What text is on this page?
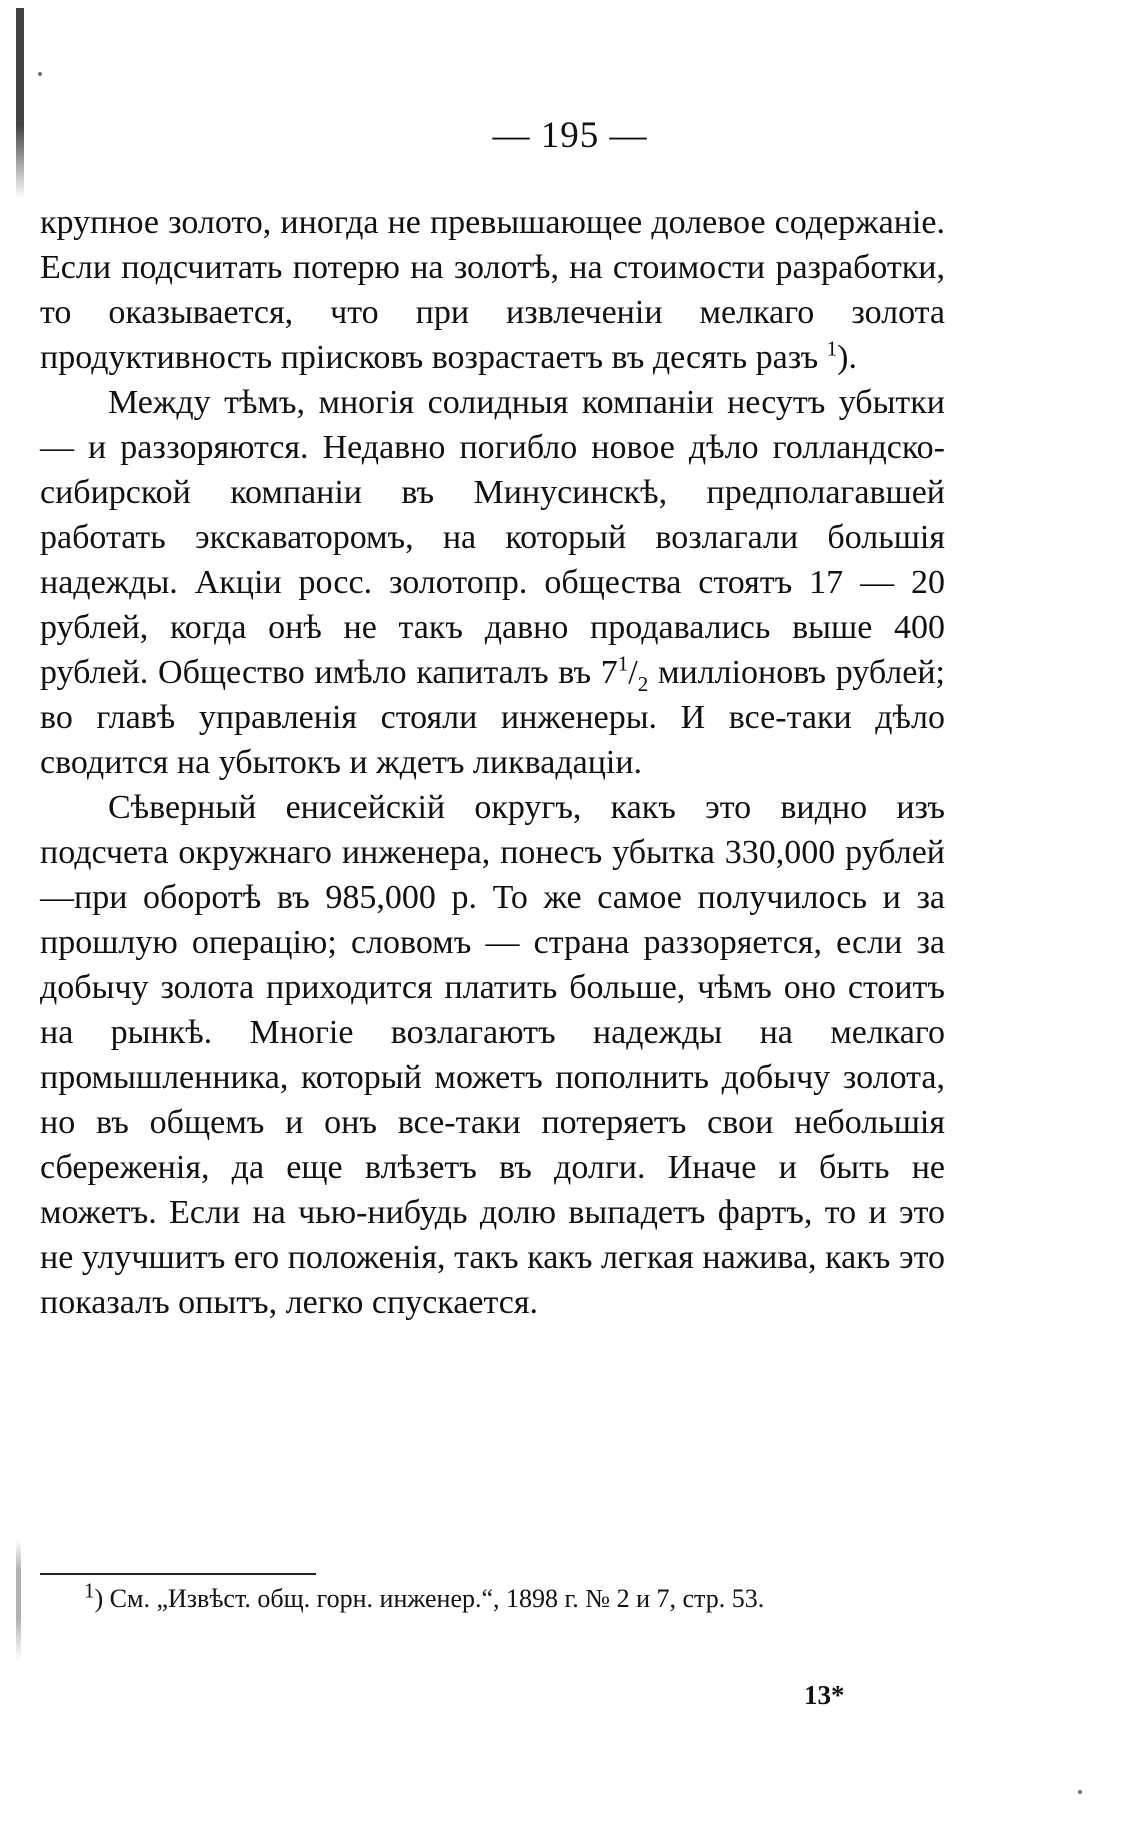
— 195 —

крупное золото, иногда не превышающее долевое содержаніе. Если подсчитать потерю на золотѣ, на стоимости разработки, то оказывается, что при извлеченіи мелкаго золота продуктивность пріисковъ возрастаетъ въ десять разъ $^1$).

Между тѣмъ, многія солидныя компаніи несутъ убытки — и раззоряются. Недавно погибло новое дѣло голландско-сибирской компаніи въ Минусинскѣ, предполагавшей работать экскаваторомъ, на который возлагали большія надежды. Акціи росс. золотопр. общества стоятъ 17 — 20 рублей, когда онѣ не такъ давно продавались выше 400 рублей. Общество имѣло капиталъ въ $7^1/_2$ милліоновъ рублей; во главѣ управленія стояли инженеры. И все-таки дѣло сводится на убытокъ и ждетъ ликвадаціи.

Сѣверный енисейскій округъ, какъ это видно изъ подсчета окружнаго инженера, понесъ убытка 330,000 рублей—при оборотѣ въ 985,000 р. То же самое получилось и за прошлую операцію; словомъ — страна раззоряется, если за добычу золота приходится платить больше, чѣмъ оно стоитъ на рынкѣ. Многіе возлагаютъ надежды на мелкаго промышленника, который можетъ пополнить добычу золота, но въ общемъ и онъ все-таки потеряетъ свои небольшія сбереженія, да еще влѣзетъ въ долги. Иначе и быть не можетъ. Если на чью-нибудь долю выпадетъ фартъ, то и это не улучшитъ его положенія, такъ какъ легкая нажива, какъ это показалъ опытъ, легко спускается.

$^1$) См. „Извѣст. общ. горн. инженер.“, 1898 г. № 2 и 7, стр. 53.
13*
